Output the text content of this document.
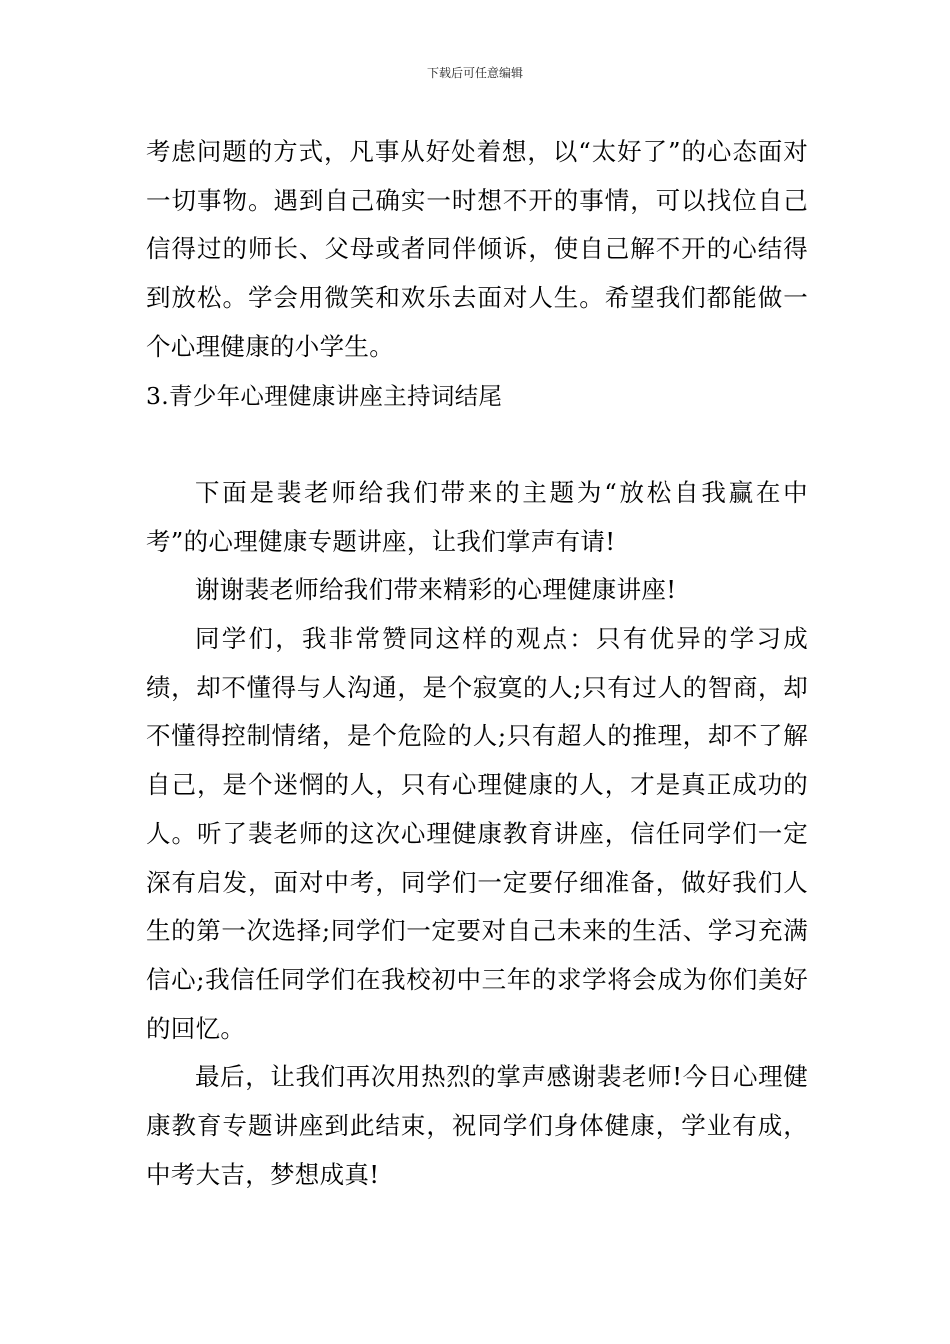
下载后可任意编辑

考虑问题的方式，凡事从好处着想，以“太好了”的心态面对一切事物。遇到自己确实一时想不开的事情，可以找位自己信得过的师长、父母或者同伴倾诉，使自己解不开的心结得到放松。学会用微笑和欢乐去面对人生。希望我们都能做一个心理健康的小学生。

3.青少年心理健康讲座主持词结尾

下面是裴老师给我们带来的主题为“放松自我赢在中考”的心理健康专题讲座，让我们掌声有请!

谢谢裴老师给我们带来精彩的心理健康讲座!

同学们，我非常赞同这样的观点：只有优异的学习成绩，却不懂得与人沟通，是个寂寞的人;只有过人的智商，却不懂得控制情绪，是个危险的人;只有超人的推理，却不了解自己，是个迷惘的人，只有心理健康的人，才是真正成功的人。听了裴老师的这次心理健康教育讲座，信任同学们一定深有启发，面对中考，同学们一定要仔细准备，做好我们人生的第一次选择;同学们一定要对自己未来的生活、学习充满信心;我信任同学们在我校初中三年的求学将会成为你们美好的回忆。

最后，让我们再次用热烈的掌声感谢裴老师!今日心理健康教育专题讲座到此结束，祝同学们身体健康，学业有成，中考大吉，梦想成真!
